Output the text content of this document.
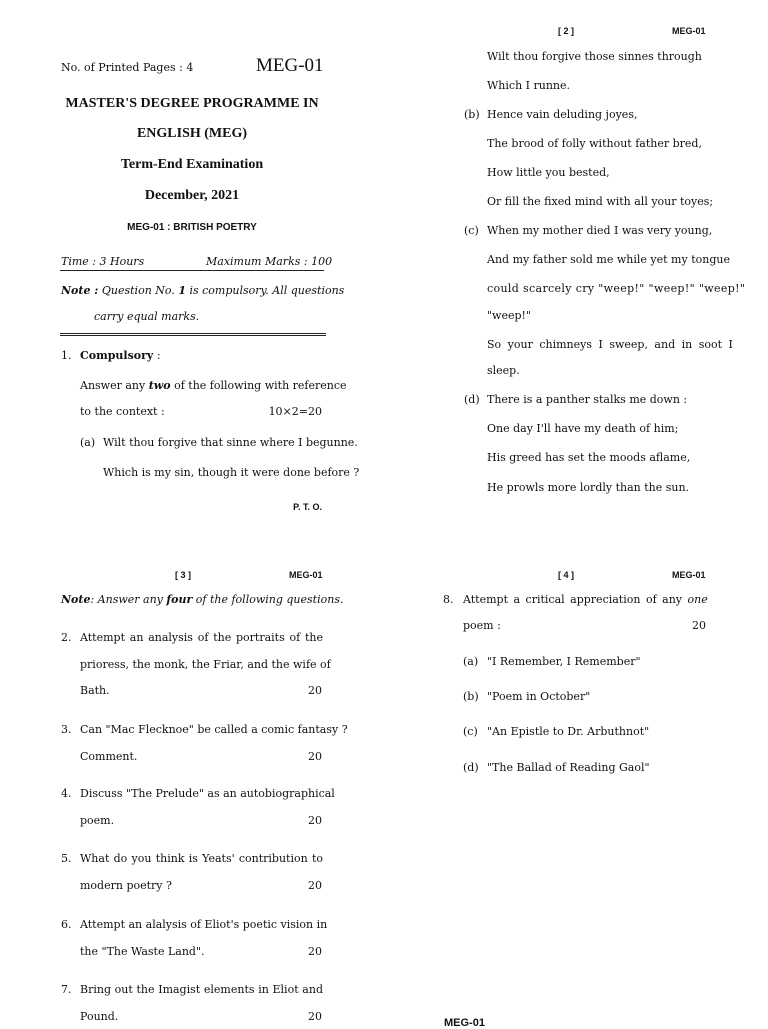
No. of Printed Pages : 4	MEG-01
MASTER'S DEGREE PROGRAMME IN
ENGLISH (MEG)
Term-End Examination
December, 2021
MEG-01 : BRITISH POETRY
Time : 3 Hours	Maximum Marks : 100
Note : Question No. 1 is compulsory. All questions
carry equal marks.
1. Compulsory :
Answer any two of the following with reference
to the context :	10×2=20
(a) Wilt thou forgive that sinne where I begunne.
Which is my sin, though it were done before ?
P. T. O.
[ 2 ]	MEG-01
Wilt thou forgive those sinnes through
Which I runne.
(b) Hence vain deluding joyes,
The brood of folly without father bred,
How little you bested,
Or fill the fixed mind with all your toyes;
(c) When my mother died I was very young,
And my father sold me while yet my tongue
could scarcely cry "weep!" "weep!" "weep!"
"weep!"
So your chimneys I sweep, and in soot I
sleep.
(d) There is a panther stalks me down :
One day I'll have my death of him;
His greed has set the moods aflame,
He prowls more lordly than the sun.
[ 3 ]	MEG-01
Note: Answer any four of the following questions.
2. Attempt an analysis of the portraits of the
prioress, the monk, the Friar, and the wife of
Bath.	20
3. Can "Mac Flecknoe" be called a comic fantasy ?
Comment.	20
4. Discuss "The Prelude" as an autobiographical
poem.	20
5. What do you think is Yeats' contribution to
modern poetry ?	20
6. Attempt an alalysis of Eliot's poetic vision in
the "The Waste Land".	20
7. Bring out the Imagist elements in Eliot and
Pound.	20
[ 4 ]	MEG-01
8. Attempt a critical appreciation of any one
poem :	20
(a) "I Remember, I Remember"
(b) "Poem in October"
(c) "An Epistle to Dr. Arbuthnot"
(d) "The Ballad of Reading Gaol"
MEG-01
